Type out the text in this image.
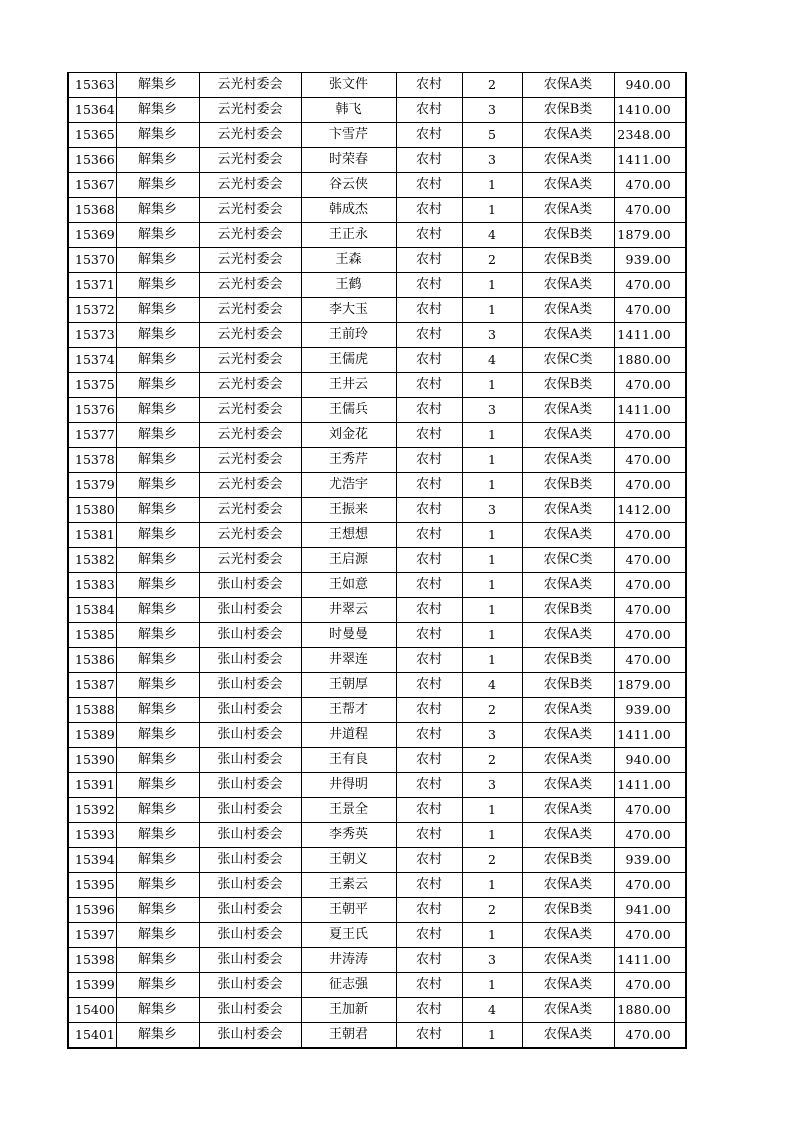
15363	解集乡	云光村委会	张文件	农村	2	农保A类	940.00
15364	解集乡	云光村委会	韩飞	农村	3	农保B类	1410.00
15365	解集乡	云光村委会	卞雪芹	农村	5	农保A类	2348.00
15366	解集乡	云光村委会	时荣春	农村	3	农保A类	1411.00
15367	解集乡	云光村委会	谷云侠	农村	1	农保A类	470.00
15368	解集乡	云光村委会	韩成杰	农村	1	农保A类	470.00
15369	解集乡	云光村委会	王正永	农村	4	农保B类	1879.00
15370	解集乡	云光村委会	王森	农村	2	农保B类	939.00
15371	解集乡	云光村委会	王鹤	农村	1	农保A类	470.00
15372	解集乡	云光村委会	李大玉	农村	1	农保A类	470.00
15373	解集乡	云光村委会	王前玲	农村	3	农保A类	1411.00
15374	解集乡	云光村委会	王儒虎	农村	4	农保C类	1880.00
15375	解集乡	云光村委会	王井云	农村	1	农保B类	470.00
15376	解集乡	云光村委会	王儒兵	农村	3	农保A类	1411.00
15377	解集乡	云光村委会	刘金花	农村	1	农保A类	470.00
15378	解集乡	云光村委会	王秀芹	农村	1	农保A类	470.00
15379	解集乡	云光村委会	尤浩宇	农村	1	农保B类	470.00
15380	解集乡	云光村委会	王振来	农村	3	农保A类	1412.00
15381	解集乡	云光村委会	王想想	农村	1	农保A类	470.00
15382	解集乡	云光村委会	王启源	农村	1	农保C类	470.00
15383	解集乡	张山村委会	王如意	农村	1	农保A类	470.00
15384	解集乡	张山村委会	井翠云	农村	1	农保B类	470.00
15385	解集乡	张山村委会	时曼曼	农村	1	农保A类	470.00
15386	解集乡	张山村委会	井翠连	农村	1	农保B类	470.00
15387	解集乡	张山村委会	王朝厚	农村	4	农保B类	1879.00
15388	解集乡	张山村委会	王帮才	农村	2	农保A类	939.00
15389	解集乡	张山村委会	井道程	农村	3	农保A类	1411.00
15390	解集乡	张山村委会	王有良	农村	2	农保A类	940.00
15391	解集乡	张山村委会	井得明	农村	3	农保A类	1411.00
15392	解集乡	张山村委会	王景全	农村	1	农保A类	470.00
15393	解集乡	张山村委会	李秀英	农村	1	农保A类	470.00
15394	解集乡	张山村委会	王朝义	农村	2	农保B类	939.00
15395	解集乡	张山村委会	王素云	农村	1	农保A类	470.00
15396	解集乡	张山村委会	王朝平	农村	2	农保B类	941.00
15397	解集乡	张山村委会	夏王氏	农村	1	农保A类	470.00
15398	解集乡	张山村委会	井涛涛	农村	3	农保A类	1411.00
15399	解集乡	张山村委会	征志强	农村	1	农保A类	470.00
15400	解集乡	张山村委会	王加新	农村	4	农保A类	1880.00
15401	解集乡	张山村委会	王朝君	农村	1	农保A类	470.00
